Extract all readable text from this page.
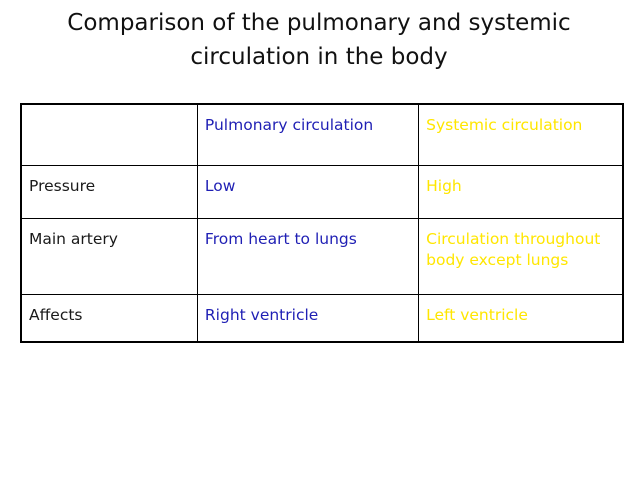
Comparison of the pulmonary and systemic
circulation in the body
	Pulmonary circulation	Systemic circulation
Pressure	Low	High
Main artery	From heart to lungs	Circulation throughout body except lungs
Affects	Right ventricle	Left ventricle
